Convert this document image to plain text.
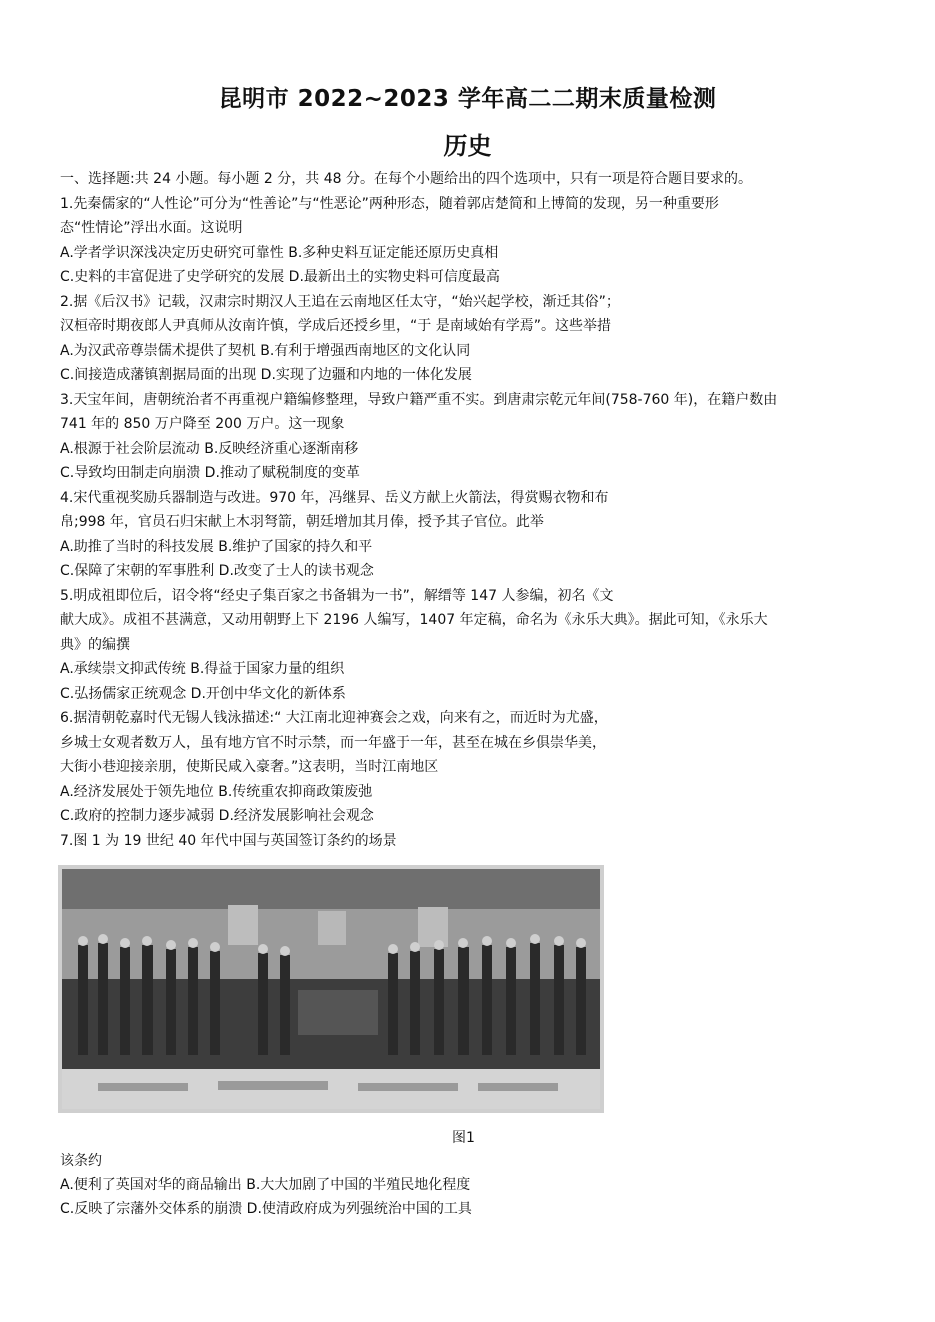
昆明市 2022~2023 学年高二二期末质量检测
历史
一、选择题:共 24 小题。每小题 2 分，共 48 分。在每个小题给出的四个选项中，只有一项是符合题目要求的。
1.先秦儒家的“人性论”可分为“性善论”与“性恶论”两种形态，随着郭店楚简和上博简的发现，另一种重要形
态“性情论”浮出水面。这说明
A.学者学识深浅决定历史研究可靠性 B.多种史料互证定能还原历史真相
C.史料的丰富促进了史学研究的发展 D.最新出土的实物史料可信度最高
2.据《后汉书》记载，汉肃宗时期汉人王追在云南地区任太守，“始兴起学校，渐迁其俗”；
汉桓帝时期夜郎人尹真师从汝南许慎，学成后还授乡里，“于 是南域始有学焉”。这些举措
A.为汉武帝尊崇儒术提供了契机 B.有利于增强西南地区的文化认同
C.间接造成藩镇割据局面的出现 D.实现了边疆和内地的一体化发展
3.天宝年间，唐朝统治者不再重视户籍编修整理，导致户籍严重不实。到唐肃宗乾元年间(758-760 年)，在籍户数由
741 年的 850 万户降至 200 万户。这一现象
A.根源于社会阶层流动 B.反映经济重心逐渐南移
C.导致均田制走向崩溃 D.推动了赋税制度的变革
4.宋代重视奖励兵器制造与改进。970 年，冯继昇、岳义方献上火箭法，得赏赐衣物和布
帛;998 年，官员石归宋献上木羽弩箭，朝廷增加其月俸，授予其子官位。此举
A.助推了当时的科技发展 B.维护了国家的持久和平
C.保障了宋朝的军事胜利 D.改变了士人的读书观念
5.明成祖即位后，诏令将“经史子集百家之书备辑为一书”，解缙等 147 人参编，初名《文
献大成》。成祖不甚满意，又动用朝野上下 2196 人编写，1407 年定稿，命名为《永乐大典》。据此可知，《永乐大
典》的编撰
A.承续崇文抑武传统 B.得益于国家力量的组织
C.弘扬儒家正统观念 D.开创中华文化的新体系
6.据清朝乾嘉时代无锡人钱泳描述:“ 大江南北迎神赛会之戏，向来有之，而近时为尤盛，
乡城士女观者数万人，虽有地方官不时示禁，而一年盛于一年，甚至在城在乡俱崇华美，
大街小巷迎接亲朋，使斯民咸入豪奢。”这表明，当时江南地区
A.经济发展处于领先地位 B.传统重农抑商政策废弛
C.政府的控制力逐步减弱 D.经济发展影响社会观念
7.图 1 为 19 世纪 40 年代中国与英国签订条约的场景
图1
该条约
A.便利了英国对华的商品输出 B.大大加剧了中国的半殖民地化程度
C.反映了宗藩外交体系的崩溃 D.使清政府成为列强统治中国的工具
